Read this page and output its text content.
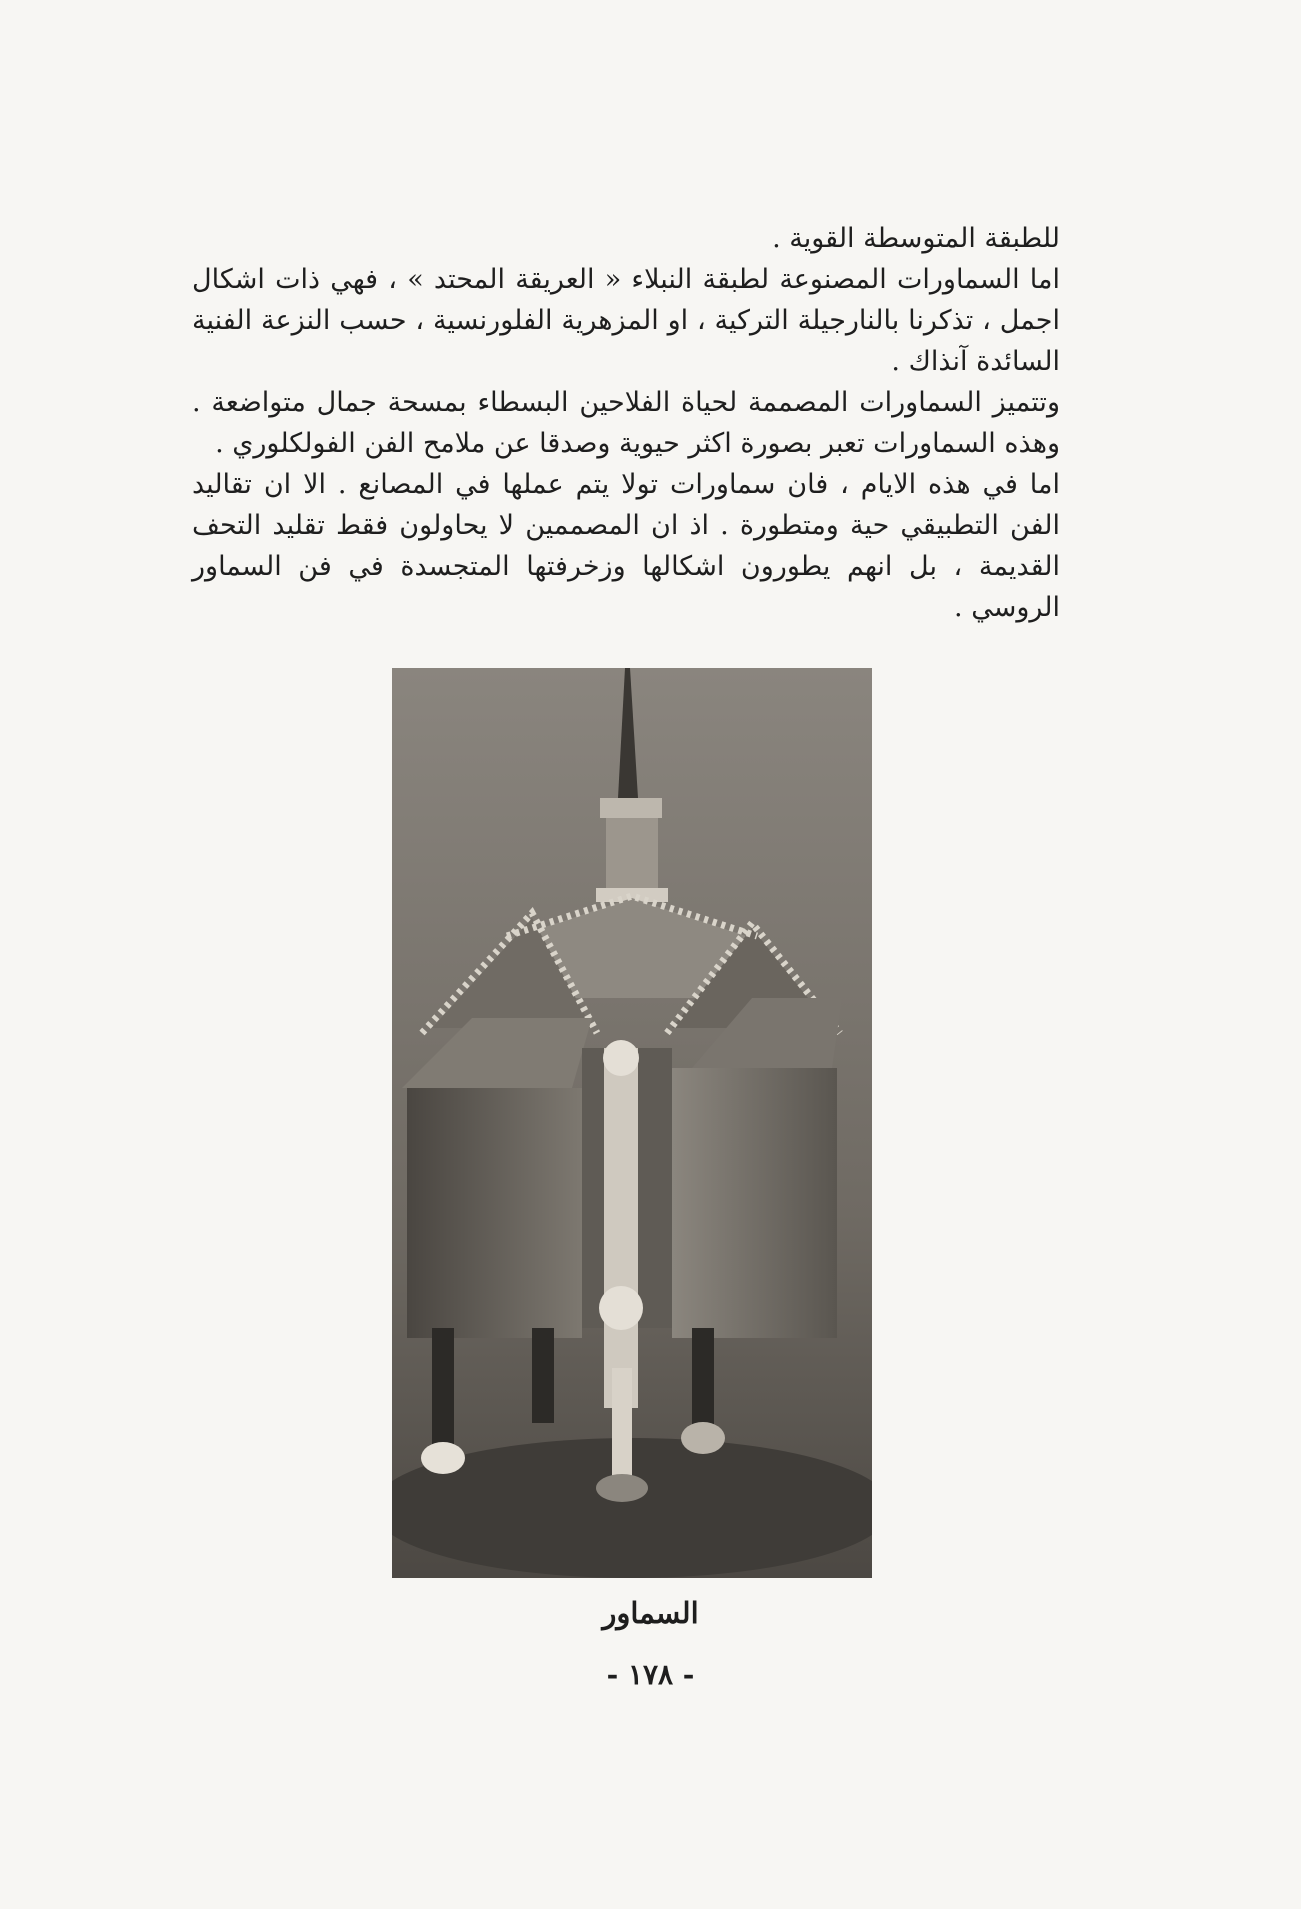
للطبقة المتوسطة القوية .

اما السماورات المصنوعة لطبقة النبلاء « العريقة المحتد » ، فهي ذات اشكال اجمل ، تذكرنا بالنارجيلة التركية ، او المزهرية الفلورنسية ، حسب النزعة الفنية السائدة آنذاك .

وتتميز السماورات المصممة لحياة الفلاحين البسطاء بمسحة جمال متواضعة . وهذه السماورات تعبر بصورة اكثر حيوية وصدقا عن ملامح الفن الفولكلوري .

اما في هذه الايام ، فان سماورات تولا يتم عملها في المصانع . الا ان تقاليد الفن التطبيقي حية ومتطورة . اذ ان المصممين لا يحاولون فقط تقليد التحف القديمة ، بل انهم يطورون اشكالها وزخرفتها المتجسدة في فن السماور الروسي .

السماور
- ١٧٨ -
